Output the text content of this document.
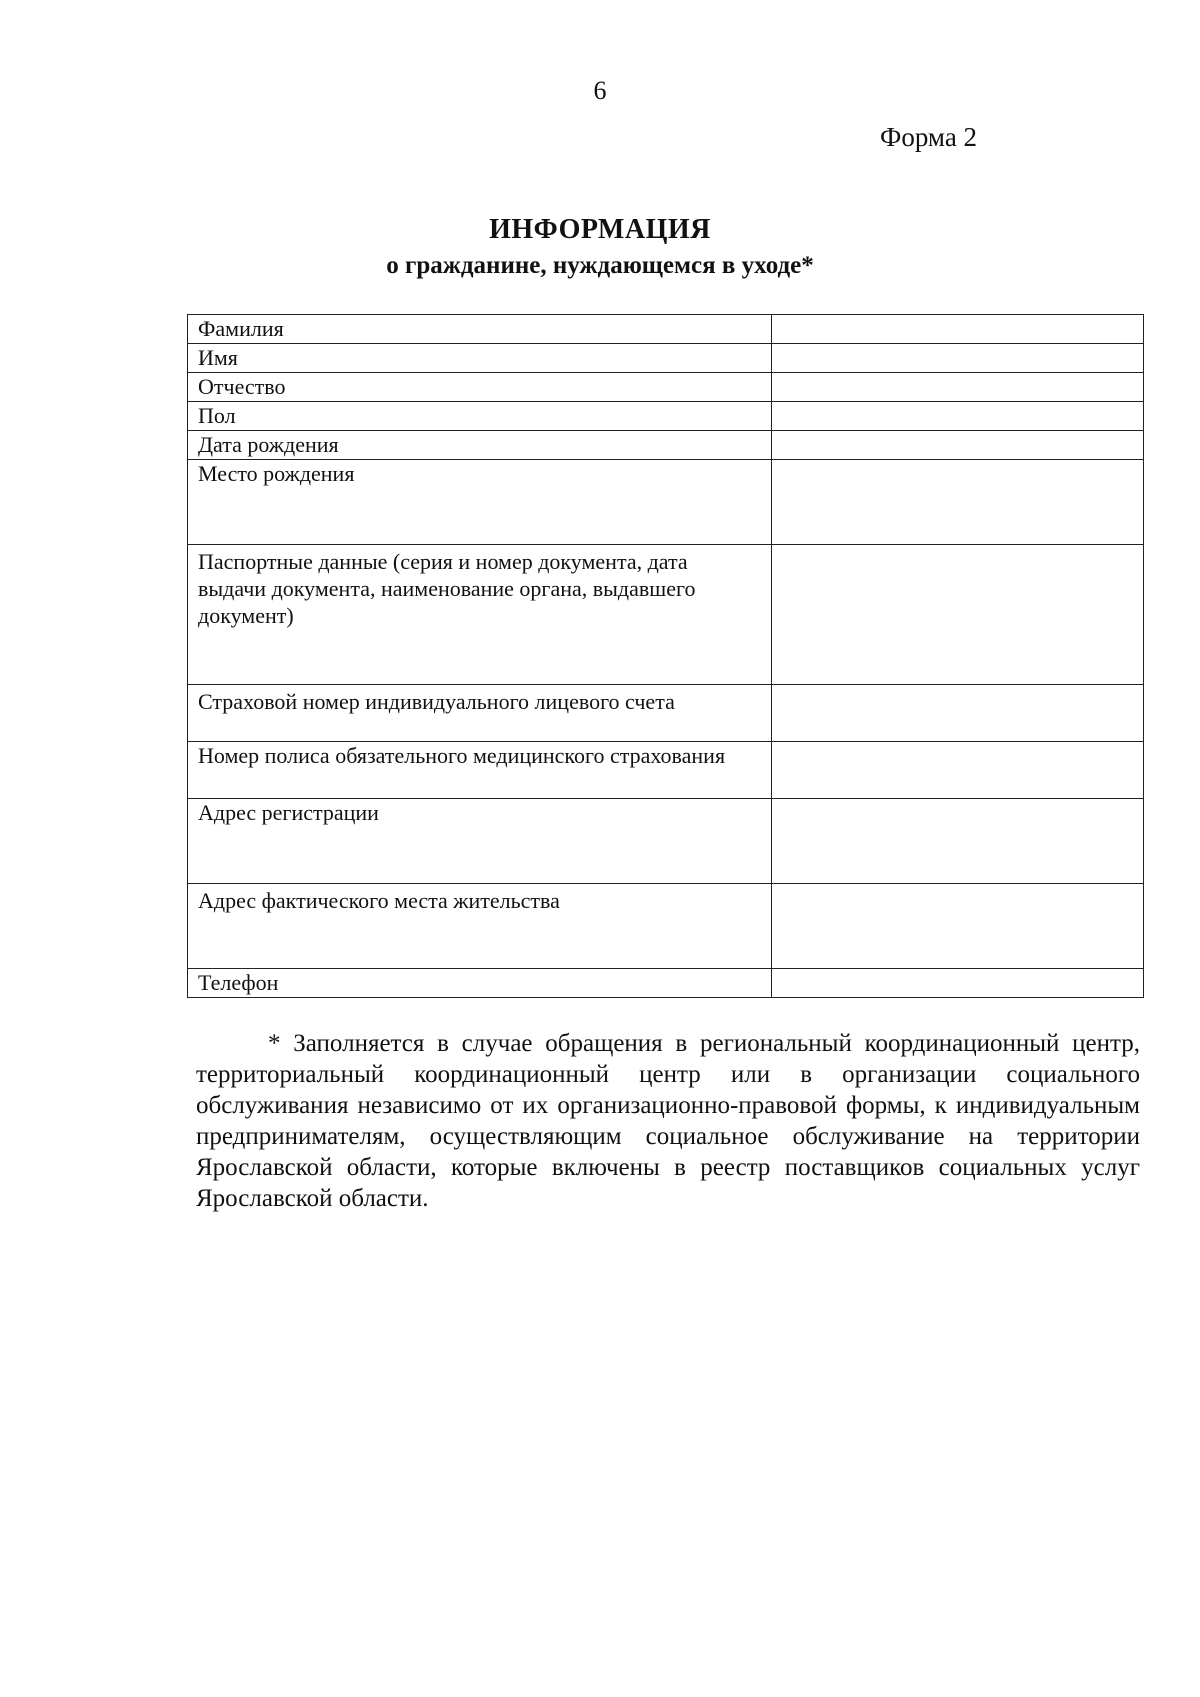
6
Форма 2
ИНФОРМАЦИЯ
о гражданине, нуждающемся в уходе*
Фамилия	
Имя	
Отчество	
Пол	
Дата рождения	
Место рождения	
Паспортные данные (серия и номер документа, дата выдачи документа, наименование органа, выдавшего документ)	
Страховой номер индивидуального лицевого счета	
Номер полиса обязательного медицинского страхования	
Адрес регистрации	
Адрес фактического места жительства	
Телефон	
* Заполняется в случае обращения в региональный координационный центр, территориальный координационный центр или в организации социального обслуживания независимо от их организационно-правовой формы, к индивидуальным предпринимателям, осуществляющим социальное обслуживание на территории Ярославской области, которые включены в реестр поставщиков социальных услуг Ярославской области.
